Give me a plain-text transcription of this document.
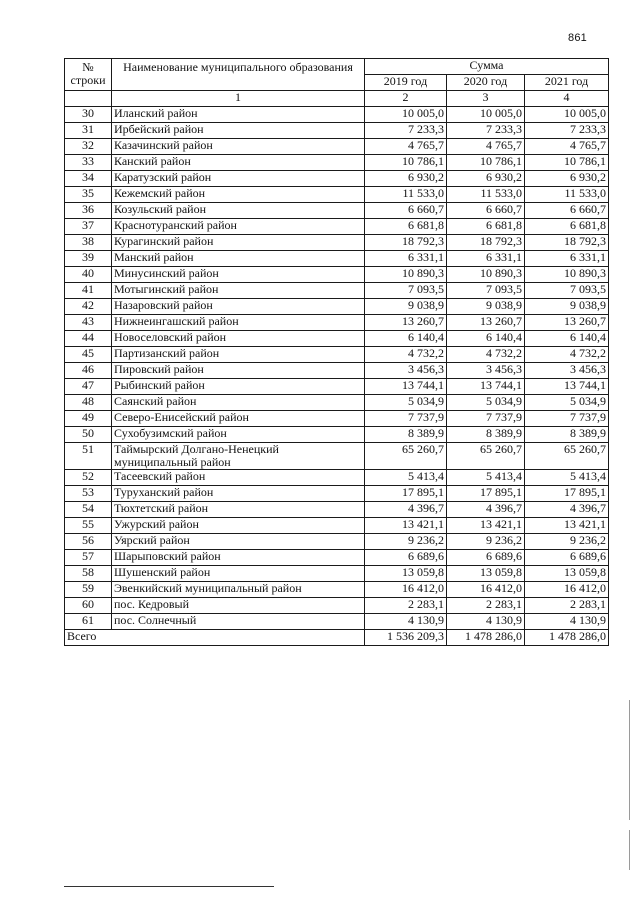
861
№ строки	Наименование муниципального образования	Сумма		
		2019 год	2020 год	2021 год
	1	2	3	4
30	Иланский район	10 005,0	10 005,0	10 005,0
31	Ирбейский район	7 233,3	7 233,3	7 233,3
32	Казачинский район	4 765,7	4 765,7	4 765,7
33	Канский район	10 786,1	10 786,1	10 786,1
34	Каратузский район	6 930,2	6 930,2	6 930,2
35	Кежемский район	11 533,0	11 533,0	11 533,0
36	Козульский район	6 660,7	6 660,7	6 660,7
37	Краснотуранский район	6 681,8	6 681,8	6 681,8
38	Курагинский район	18 792,3	18 792,3	18 792,3
39	Манский район	6 331,1	6 331,1	6 331,1
40	Минусинский район	10 890,3	10 890,3	10 890,3
41	Мотыгинский район	7 093,5	7 093,5	7 093,5
42	Назаровский район	9 038,9	9 038,9	9 038,9
43	Нижнеингашский район	13 260,7	13 260,7	13 260,7
44	Новоселовский район	6 140,4	6 140,4	6 140,4
45	Партизанский район	4 732,2	4 732,2	4 732,2
46	Пировский район	3 456,3	3 456,3	3 456,3
47	Рыбинский район	13 744,1	13 744,1	13 744,1
48	Саянский район	5 034,9	5 034,9	5 034,9
49	Северо-Енисейский район	7 737,9	7 737,9	7 737,9
50	Сухобузимский район	8 389,9	8 389,9	8 389,9
51	Таймырский Долгано-Ненецкий муниципальный район	65 260,7	65 260,7	65 260,7
52	Тасеевский район	5 413,4	5 413,4	5 413,4
53	Туруханский район	17 895,1	17 895,1	17 895,1
54	Тюхтетский район	4 396,7	4 396,7	4 396,7
55	Ужурский район	13 421,1	13 421,1	13 421,1
56	Уярский район	9 236,2	9 236,2	9 236,2
57	Шарыповский район	6 689,6	6 689,6	6 689,6
58	Шушенский район	13 059,8	13 059,8	13 059,8
59	Эвенкийский муниципальный район	16 412,0	16 412,0	16 412,0
60	пос. Кедровый	2 283,1	2 283,1	2 283,1
61	пос. Солнечный	4 130,9	4 130,9	4 130,9
Всего		1 536 209,3	1 478 286,0	1 478 286,0
